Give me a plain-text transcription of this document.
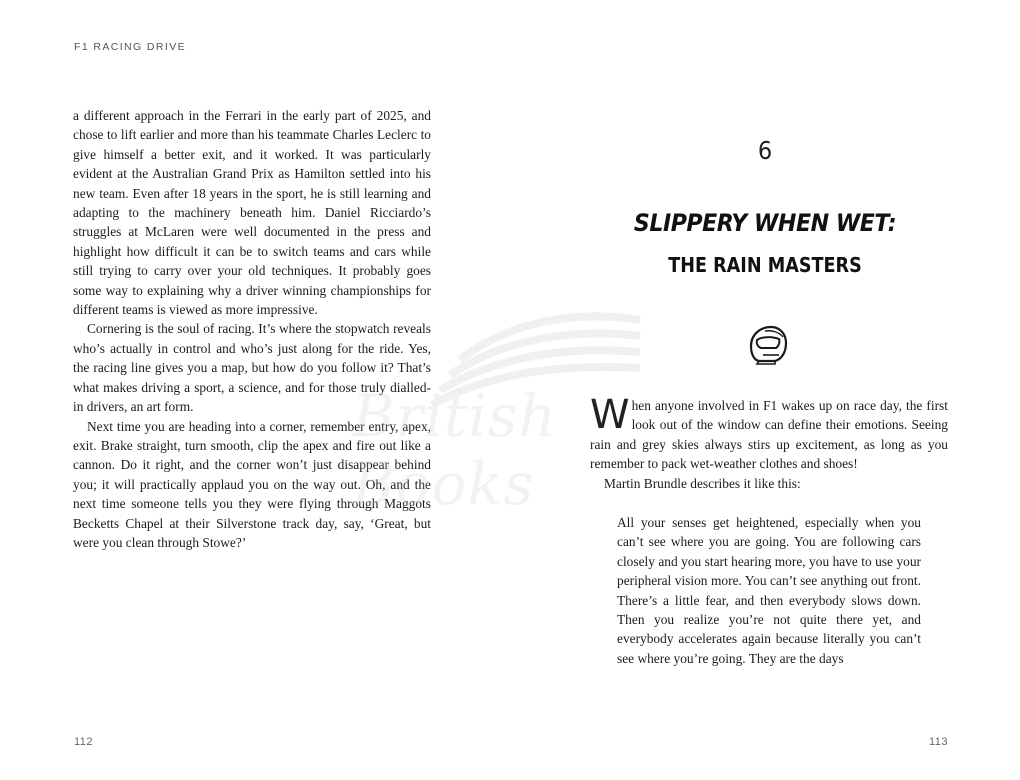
F1 RACING DRIVE

a different approach in the Ferrari in the early part of 2025, and chose to lift earlier and more than his teammate Charles Leclerc to give himself a better exit, and it worked. It was particularly evident at the Australian Grand Prix as Hamilton settled into his new team. Even after 18 years in the sport, he is still learning and adapting to the machinery beneath him. Daniel Ricciardo’s struggles at McLaren were well documented in the press and highlight how difficult it can be to switch teams and cars while still trying to carry over your old techniques. It probably goes some way to explaining why a driver winning championships for different teams is viewed as more impressive.

Cornering is the soul of racing. It’s where the stopwatch reveals who’s actually in control and who’s just along for the ride. Yes, the racing line gives you a map, but how do you follow it? That’s what makes driving a sport, a science, and for those truly dialled-in drivers, an art form.

Next time you are heading into a corner, remember entry, apex, exit. Brake straight, turn smooth, clip the apex and fire out like a cannon. Do it right, and the corner won’t just disappear behind you; it will practically applaud you on the way out. Oh, and the next time someone tells you they were flying through Maggots Becketts Chapel at their Silverstone track day, say, ‘Great, but were you clean through Stowe?’

112
6
SLIPPERY WHEN WET:
THE RAIN MASTERS

When anyone involved in F1 wakes up on race day, the first look out of the window can define their emotions. Seeing rain and grey skies always stirs up excitement, as long as you remember to pack wet-weather clothes and shoes!

Martin Brundle describes it like this:

All your senses get heightened, especially when you can’t see where you are going. You are following cars closely and you start hearing more, you have to use your peripheral vision more. You can’t see anything out front. There’s a little fear, and then everybody slows down. Then you realize you’re not quite there yet, and everybody accelerates again because literally you can’t see where you’re going. They are the days

113
British Books
